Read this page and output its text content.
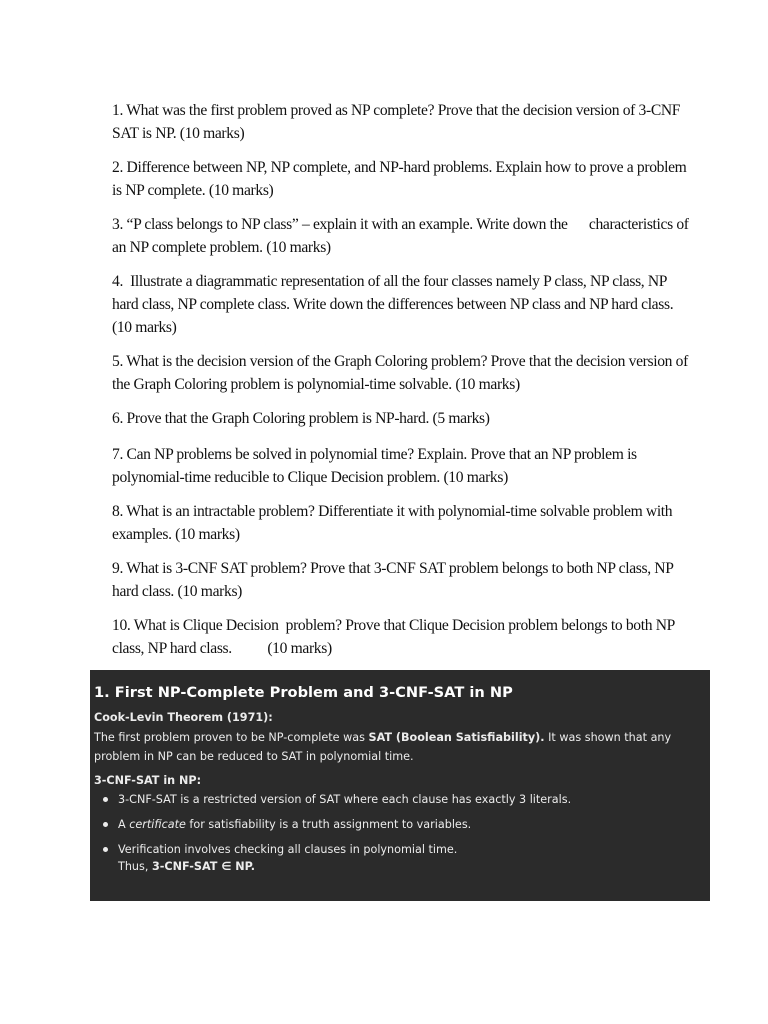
1. What was the first problem proved as NP complete? Prove that the decision version of 3-CNF SAT is NP. (10 marks)

2. Difference between NP, NP complete, and NP-hard problems. Explain how to prove a problem is NP complete. (10 marks)

3. “P class belongs to NP class” – explain it with an example. Write down the      characteristics of an NP complete problem. (10 marks)

4.  Illustrate a diagrammatic representation of all the four classes namely P class, NP class, NP hard class, NP complete class. Write down the differences between NP class and NP hard class. (10 marks)

5. What is the decision version of the Graph Coloring problem? Prove that the decision version of the Graph Coloring problem is polynomial-time solvable. (10 marks)

6. Prove that the Graph Coloring problem is NP-hard. (5 marks)

7. Can NP problems be solved in polynomial time? Explain. Prove that an NP problem is polynomial-time reducible to Clique Decision problem. (10 marks)

8. What is an intractable problem? Differentiate it with polynomial-time solvable problem with examples. (10 marks)

9. What is 3-CNF SAT problem? Prove that 3-CNF SAT problem belongs to both NP class, NP hard class. (10 marks)

10. What is Clique Decision  problem? Prove that Clique Decision problem belongs to both NP class, NP hard class.          (10 marks)

1. First NP-Complete Problem and 3-CNF-SAT in NP
Cook-Levin Theorem (1971):

The first problem proven to be NP-complete was SAT (Boolean Satisfiability). It was shown that any problem in NP can be reduced to SAT in polynomial time.

3-CNF-SAT in NP:
3-CNF-SAT is a restricted version of SAT where each clause has exactly 3 literals.
A certificate for satisfiability is a truth assignment to variables.
Verification involves checking all clauses in polynomial time.
Thus, 3-CNF-SAT ∈ NP.
